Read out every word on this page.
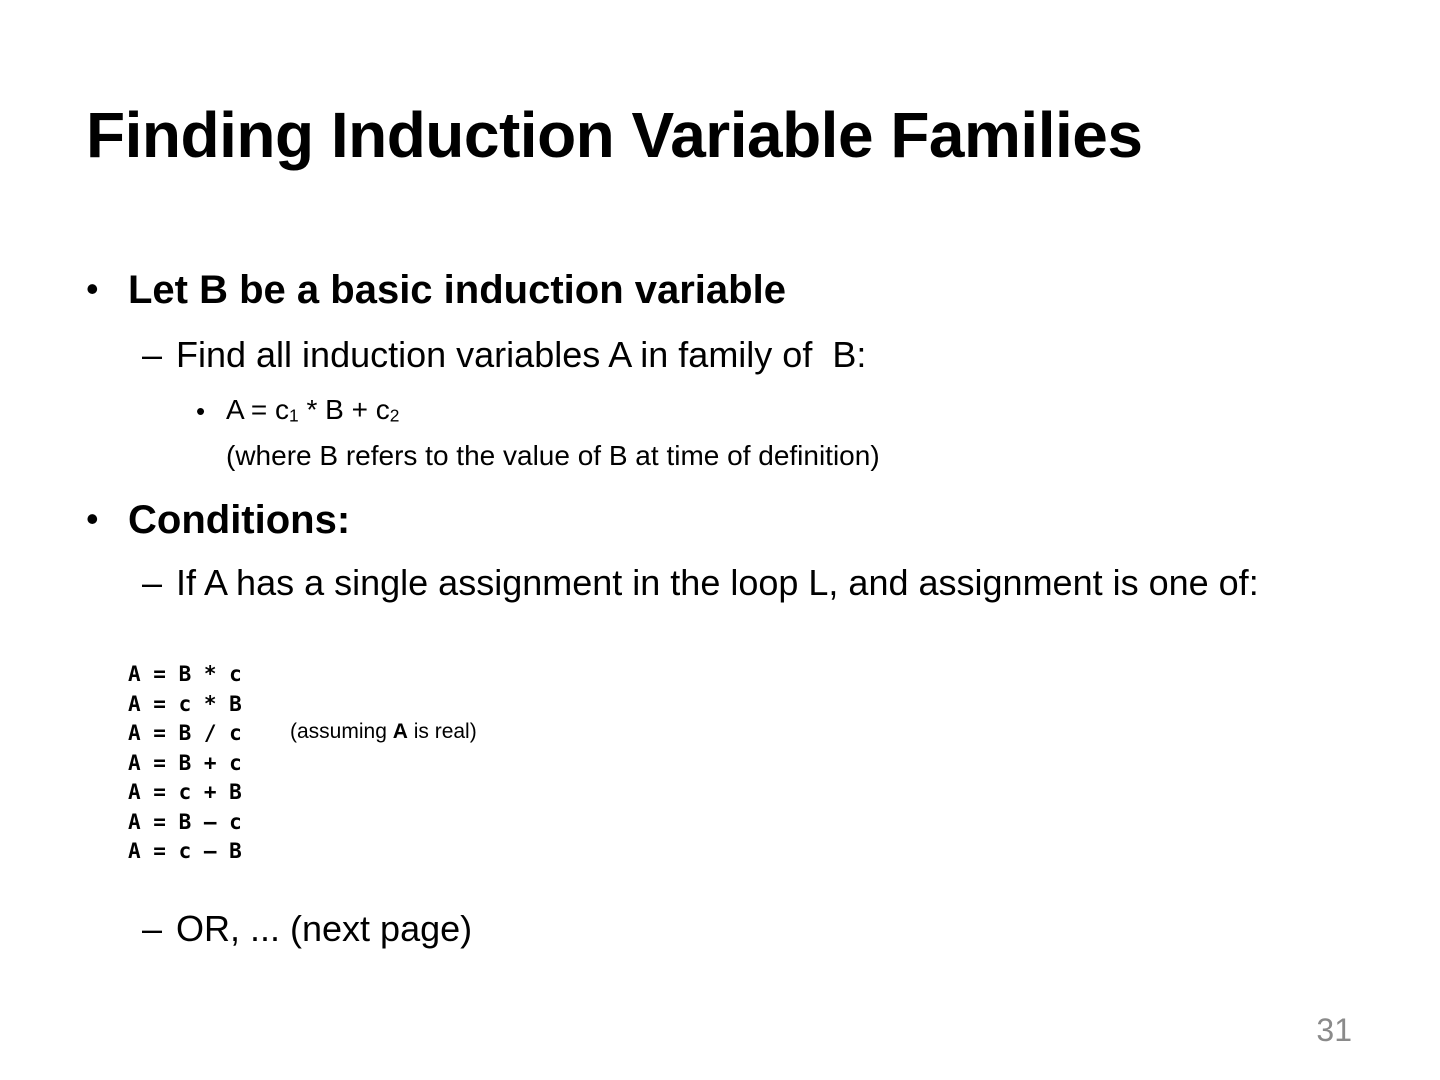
Finding Induction Variable Families
• Let B be a basic induction variable
– Find all induction variables A in family of  B:
• $A = c_1 * B + c_2$
(where B refers to the value of B at time of definition)
• Conditions:
– If A has a single assignment in the loop L, and assignment is one of:
A = B * c
A = c * B
A = B / c
A = B + c
A = c + B
A = B – c
A = c – B
(assuming A is real)
– OR, ... (next page)
31
